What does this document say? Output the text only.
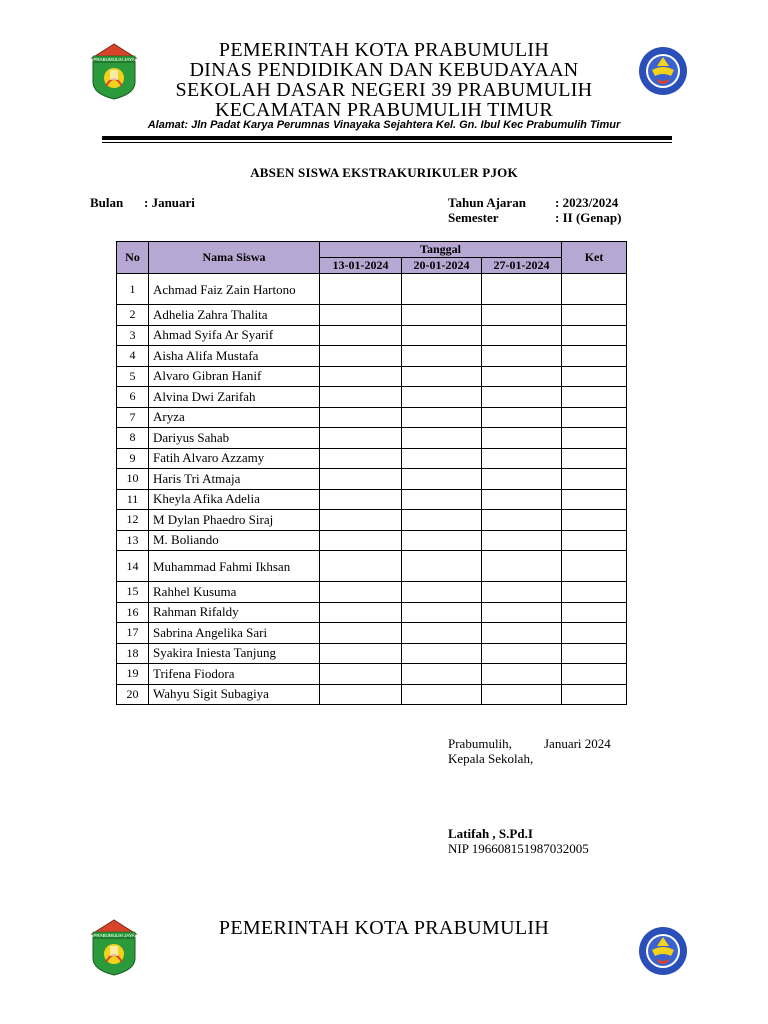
PRABUMULIH JAYA	PEMERINTAH KOTA PRABUMULIH
DINAS PENDIDIKAN DAN KEBUDAYAAN
SEKOLAH DASAR NEGERI 39 PRABUMULIH
KECAMATAN PRABUMULIH TIMUR
Alamat: Jln Padat Karya Perumnas Vinayaka Sejahtera Kel. Gn. Ibul Kec Prabumulih Timur
ABSEN SISWA EKSTRAKURIKULER PJOK
Bulan : Januari	Tahun Ajaran : 2023/2024
Semester	: II (Genap)
No	Nama Siswa	Tanggal			Ket
		13-01-2024	20-01-2024	27-01-2024	
1	Achmad Faiz Zain Hartono				
2	Adhelia Zahra Thalita				
3	Ahmad Syifa Ar Syarif				
4	Aisha Alifa Mustafa				
5	Alvaro Gibran Hanif				
6	Alvina Dwi Zarifah				
7	Aryza				
8	Dariyus Sahab				
9	Fatih Alvaro Azzamy				
10	Haris Tri Atmaja				
11	Kheyla Afika Adelia				
12	M Dylan Phaedro Siraj				
13	M. Boliando				
14	Muhammad Fahmi Ikhsan				
15	Rahhel Kusuma				
16	Rahman Rifaldy				
17	Sabrina Angelika Sari				
18	Syakira Iniesta Tanjung				
19	Trifena Fiodora				
20	Wahyu Sigit Subagiya				
Prabumulih, Januari 2024
Kepala Sekolah,
Latifah , S.Pd.I
NIP 196608151987032005
PRABUMULIH JAYA	PEMERINTAH KOTA PRABUMULIH
